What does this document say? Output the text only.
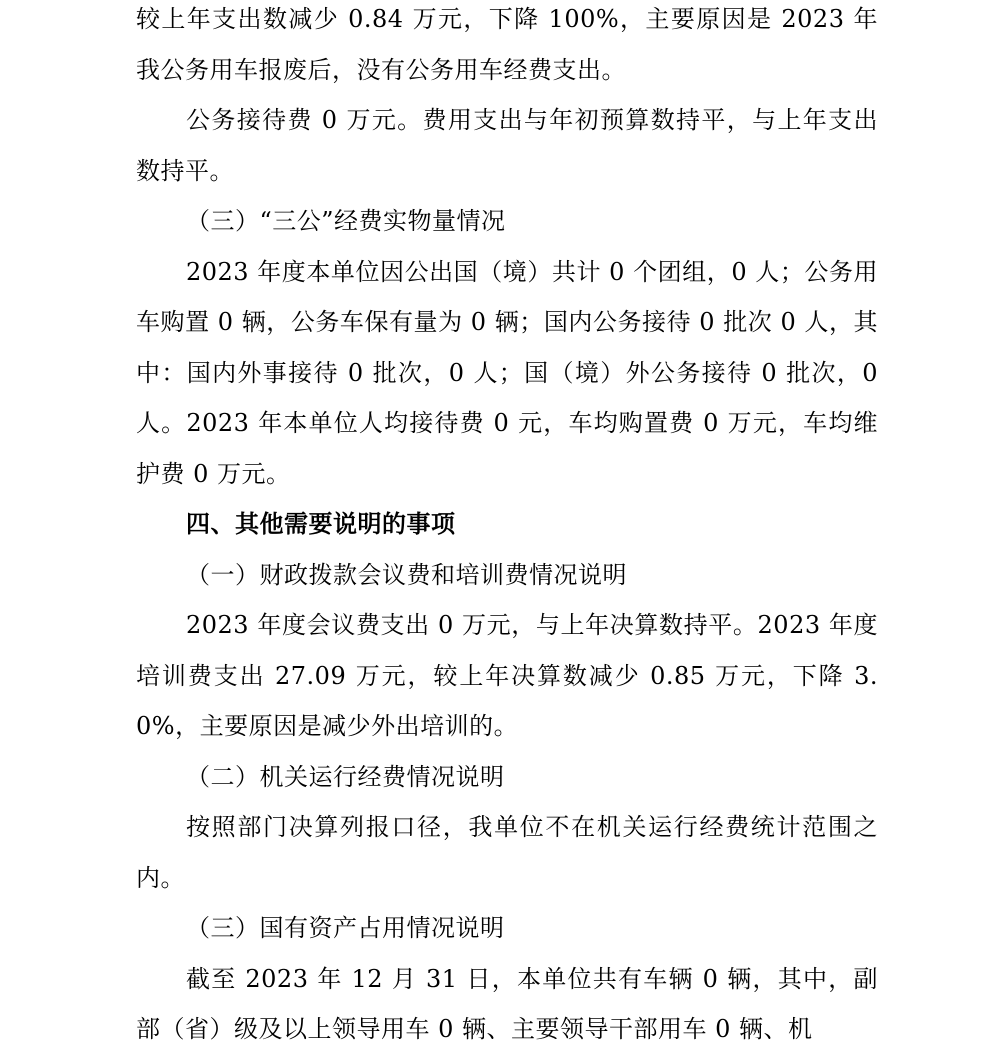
较上年支出数减少 0.84 万元，下降 100%，主要原因是 2023 年我公务用车报废后，没有公务用车经费支出。

公务接待费 0 万元。费用支出与年初预算数持平，与上年支出数持平。

（三）“三公”经费实物量情况

2023 年度本单位因公出国（境）共计 0 个团组，0 人；公务用车购置 0 辆，公务车保有量为 0 辆；国内公务接待 0 批次 0 人，其中：国内外事接待 0 批次，0 人；国（境）外公务接待 0 批次，0 人。2023 年本单位人均接待费 0 元，车均购置费 0 万元，车均维护费 0 万元。

四、其他需要说明的事项

（一）财政拨款会议费和培训费情况说明

2023 年度会议费支出 0 万元，与上年决算数持平。2023 年度培训费支出 27.09 万元，较上年决算数减少 0.85 万元，下降 3.0%，主要原因是减少外出培训的。

（二）机关运行经费情况说明

按照部门决算列报口径，我单位不在机关运行经费统计范围之内。

（三）国有资产占用情况说明

截至 2023 年 12 月 31 日，本单位共有车辆 0 辆，其中，副部（省）级及以上领导用车 0 辆、主要领导干部用车 0 辆、机
